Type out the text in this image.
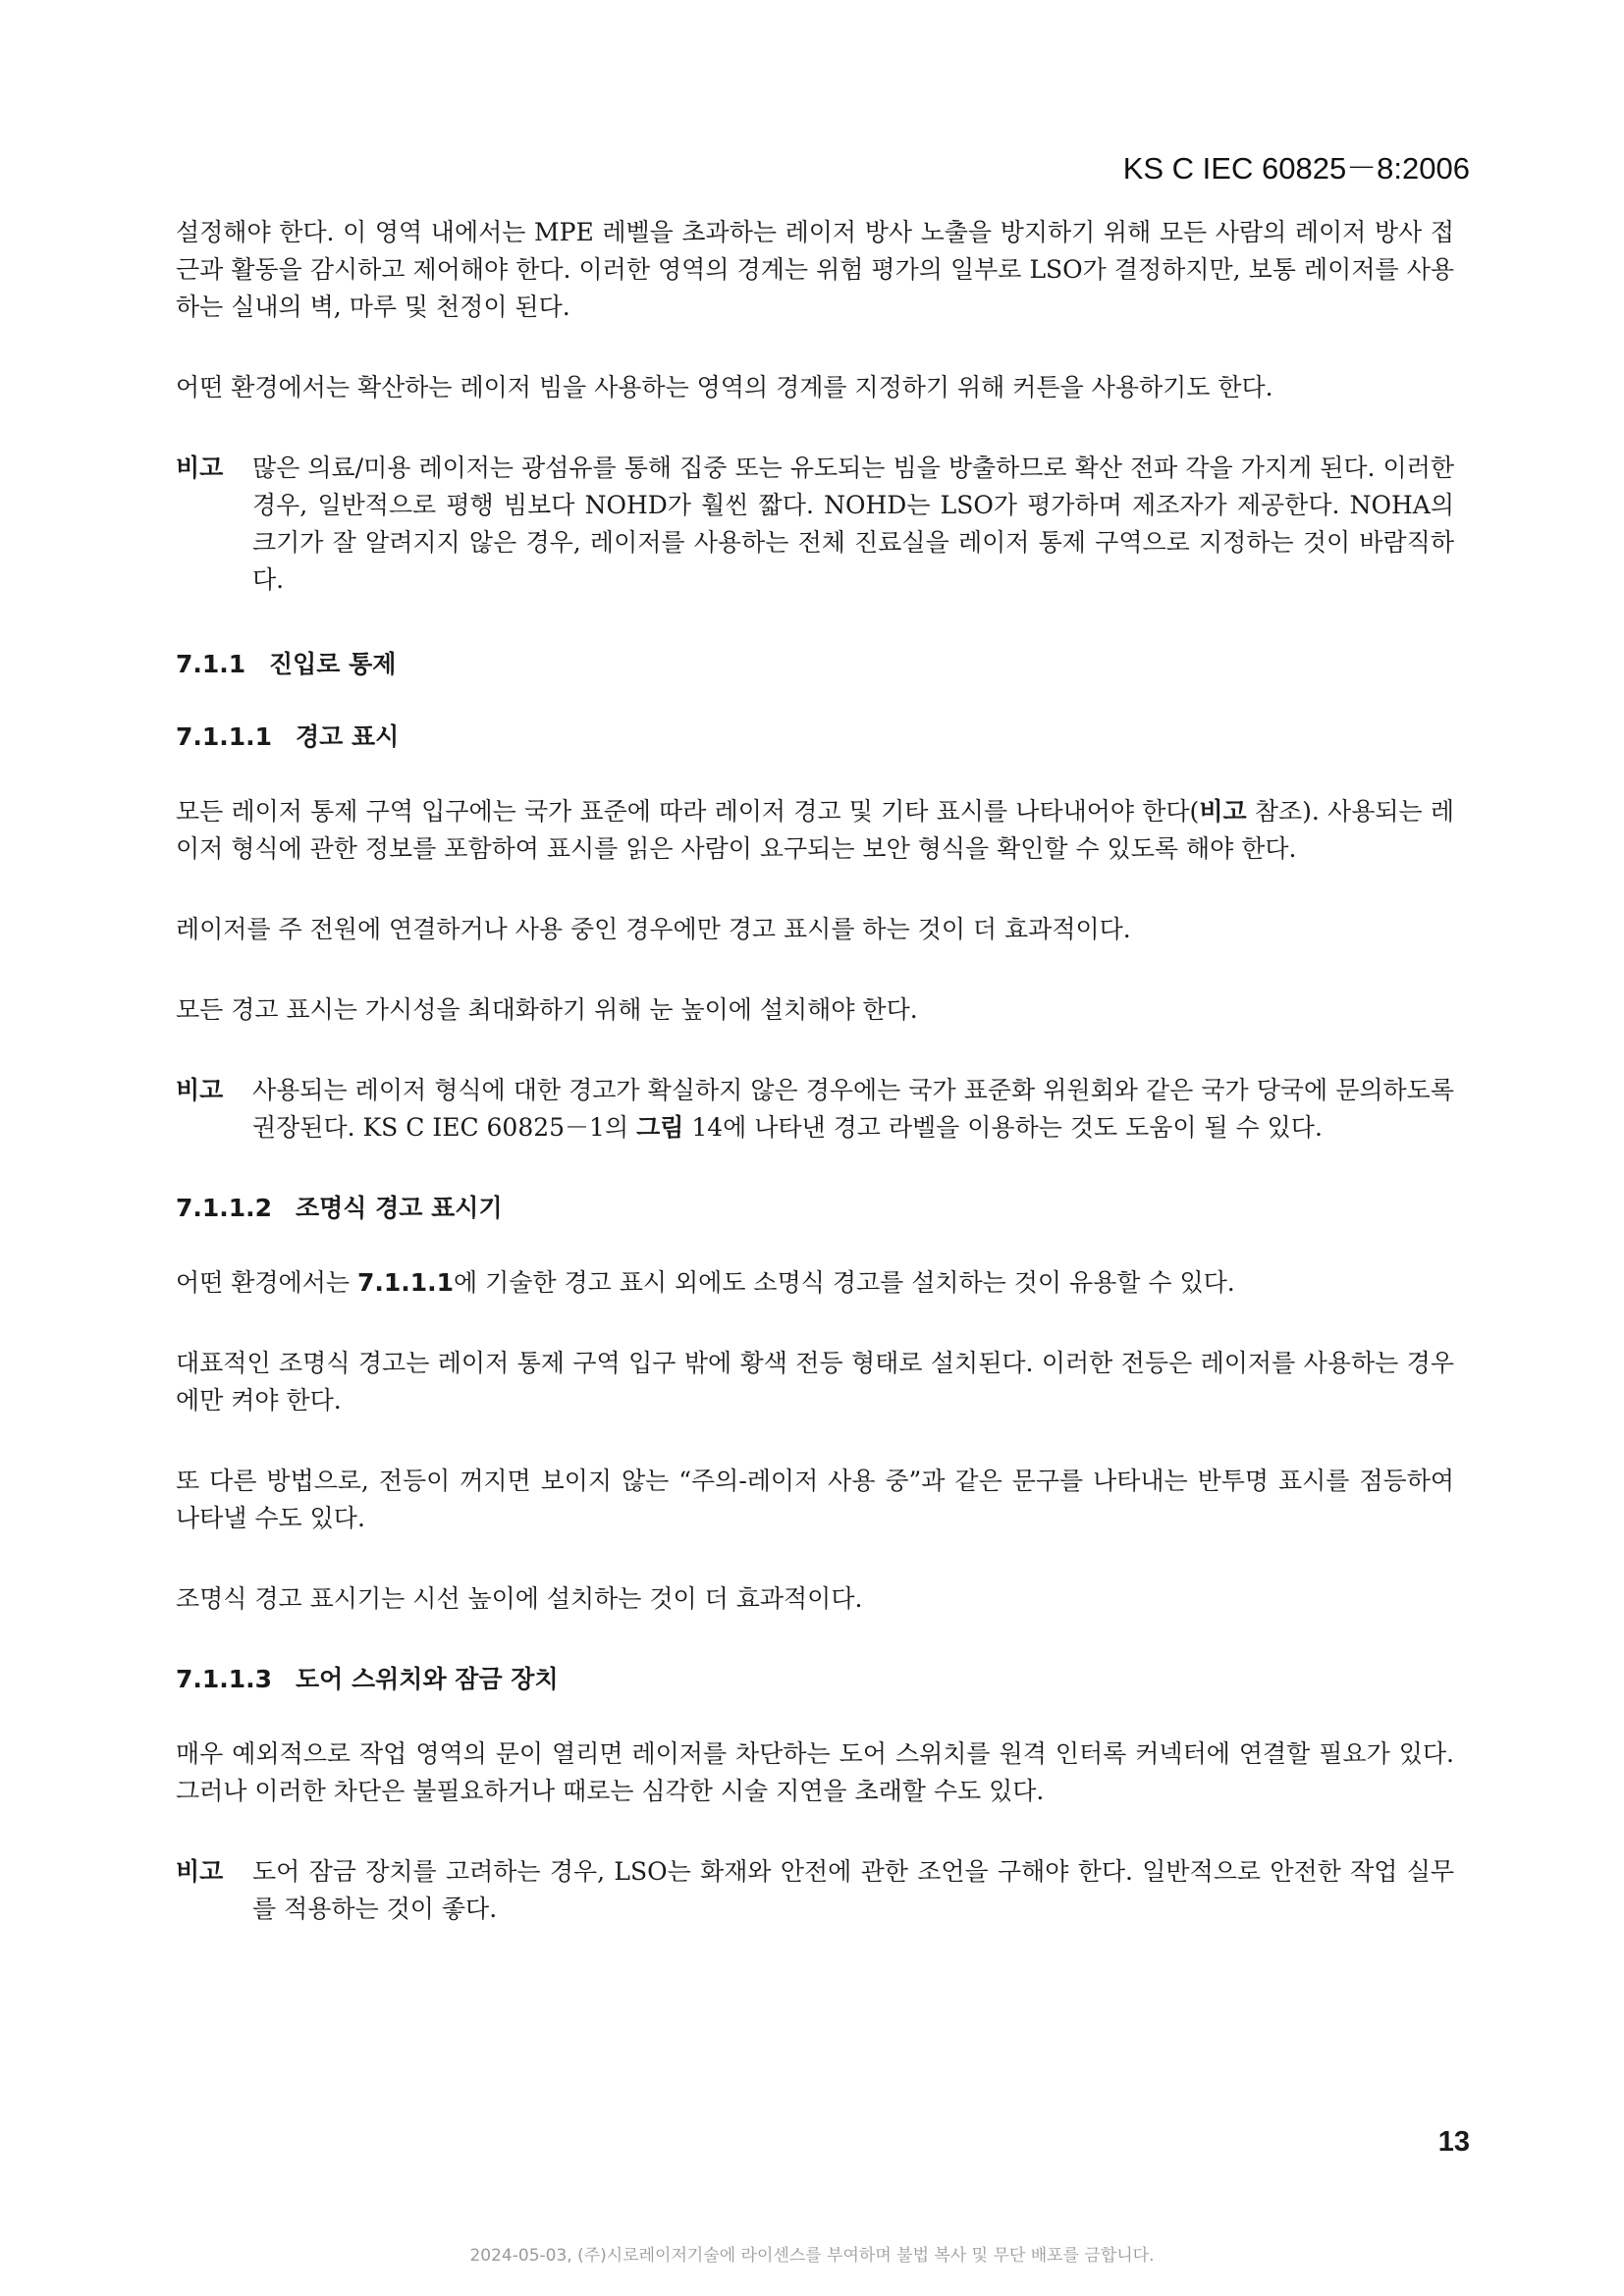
KS C IEC 60825－8:2006

설정해야 한다. 이 영역 내에서는 MPE 레벨을 초과하는 레이저 방사 노출을 방지하기 위해 모든 사람의 레이저 방사 접근과 활동을 감시하고 제어해야 한다. 이러한 영역의 경계는 위험 평가의 일부로 LSO가 결정하지만, 보통 레이저를 사용하는 실내의 벽, 마루 및 천정이 된다.

어떤 환경에서는 확산하는 레이저 빔을 사용하는 영역의 경계를 지정하기 위해 커튼을 사용하기도 한다.

비고	많은 의료/미용 레이저는 광섬유를 통해 집중 또는 유도되는 빔을 방출하므로 확산 전파 각을 가지게 된다. 이러한 경우, 일반적으로 평행 빔보다 NOHD가 훨씬 짧다. NOHD는 LSO가 평가하며 제조자가 제공한다. NOHA의 크기가 잘 알려지지 않은 경우, 레이저를 사용하는 전체 진료실을 레이저 통제 구역으로 지정하는 것이 바람직하다.
7.1.1 진입로 통제
7.1.1.1 경고 표시

모든 레이저 통제 구역 입구에는 국가 표준에 따라 레이저 경고 및 기타 표시를 나타내어야 한다(비고 참조). 사용되는 레이저 형식에 관한 정보를 포함하여 표시를 읽은 사람이 요구되는 보안 형식을 확인할 수 있도록 해야 한다.

레이저를 주 전원에 연결하거나 사용 중인 경우에만 경고 표시를 하는 것이 더 효과적이다.

모든 경고 표시는 가시성을 최대화하기 위해 눈 높이에 설치해야 한다.

비고	사용되는 레이저 형식에 대한 경고가 확실하지 않은 경우에는 국가 표준화 위원회와 같은 국가 당국에 문의하도록 권장된다. KS C IEC 60825－1의 그림 14에 나타낸 경고 라벨을 이용하는 것도 도움이 될 수 있다.
7.1.1.2 조명식 경고 표시기

어떤 환경에서는 7.1.1.1에 기술한 경고 표시 외에도 소명식 경고를 설치하는 것이 유용할 수 있다.

대표적인 조명식 경고는 레이저 통제 구역 입구 밖에 황색 전등 형태로 설치된다. 이러한 전등은 레이저를 사용하는 경우에만 켜야 한다.

또 다른 방법으로, 전등이 꺼지면 보이지 않는 “주의-레이저 사용 중”과 같은 문구를 나타내는 반투명 표시를 점등하여 나타낼 수도 있다.

조명식 경고 표시기는 시선 높이에 설치하는 것이 더 효과적이다.

7.1.1.3 도어 스위치와 잠금 장치

매우 예외적으로 작업 영역의 문이 열리면 레이저를 차단하는 도어 스위치를 원격 인터록 커넥터에 연결할 필요가 있다. 그러나 이러한 차단은 불필요하거나 때로는 심각한 시술 지연을 초래할 수도 있다.

비고	도어 잠금 장치를 고려하는 경우, LSO는 화재와 안전에 관한 조언을 구해야 한다. 일반적으로 안전한 작업 실무를 적용하는 것이 좋다.
13
2024-05-03, (주)시로레이저기술에 라이센스를 부여하며 불법 복사 및 무단 배포를 금합니다.
